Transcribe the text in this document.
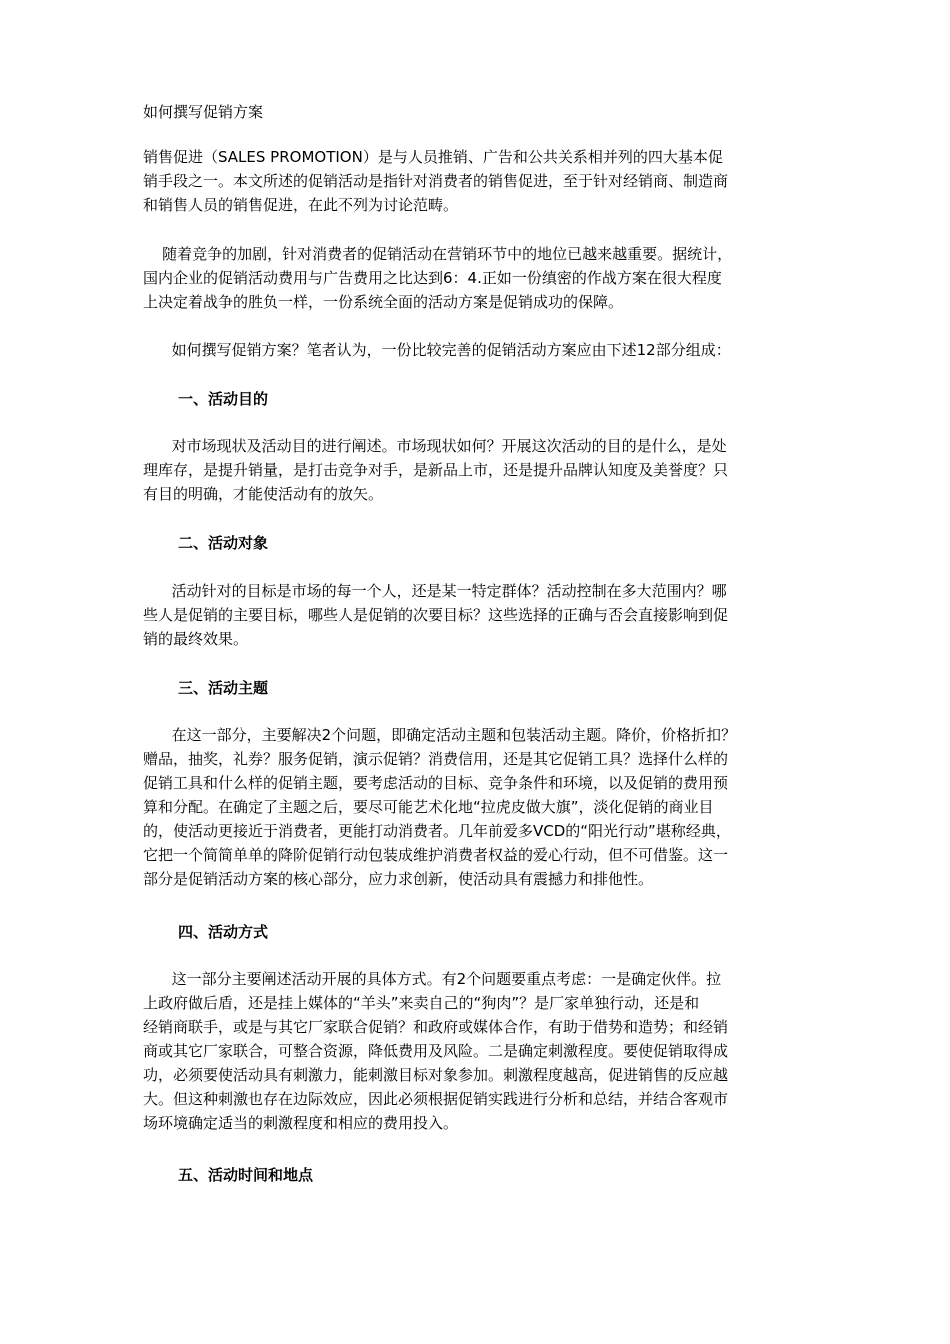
如何撰写促销方案

销售促进（SALES PROMOTION）是与人员推销、广告和公共关系相并列的四大基本促
销手段之一。本文所述的促销活动是指针对消费者的销售促进，至于针对经销商、制造商
和销售人员的销售促进，在此不列为讨论范畴。

随着竞争的加剧，针对消费者的促销活动在营销环节中的地位已越来越重要。据统计，
国内企业的促销活动费用与广告费用之比达到6：4.正如一份缜密的作战方案在很大程度
上决定着战争的胜负一样，一份系统全面的活动方案是促销成功的保障。

如何撰写促销方案？笔者认为，一份比较完善的促销活动方案应由下述12部分组成：

一、活动目的

对市场现状及活动目的进行阐述。市场现状如何？开展这次活动的目的是什么，是处
理库存，是提升销量，是打击竞争对手，是新品上市，还是提升品牌认知度及美誉度？只
有目的明确，才能使活动有的放矢。

二、活动对象

活动针对的目标是市场的每一个人，还是某一特定群体？活动控制在多大范围内？哪
些人是促销的主要目标，哪些人是促销的次要目标？这些选择的正确与否会直接影响到促
销的最终效果。

三、活动主题

在这一部分，主要解决2个问题，即确定活动主题和包装活动主题。降价，价格折扣？
赠品，抽奖，礼券？服务促销，演示促销？消费信用，还是其它促销工具？选择什么样的
促销工具和什么样的促销主题，要考虑活动的目标、竞争条件和环境，以及促销的费用预
算和分配。在确定了主题之后，要尽可能艺术化地“拉虎皮做大旗”，淡化促销的商业目
的，使活动更接近于消费者，更能打动消费者。几年前爱多VCD的“阳光行动”堪称经典，
它把一个简简单单的降阶促销行动包装成维护消费者权益的爱心行动，但不可借鉴。这一
部分是促销活动方案的核心部分，应力求创新，使活动具有震撼力和排他性。

四、活动方式

这一部分主要阐述活动开展的具体方式。有2个问题要重点考虑：一是确定伙伴。拉
上政府做后盾，还是挂上媒体的“羊头”来卖自己的“狗肉”？是厂家单独行动，还是和
经销商联手，或是与其它厂家联合促销？和政府或媒体合作，有助于借势和造势；和经销
商或其它厂家联合，可整合资源，降低费用及风险。二是确定刺激程度。要使促销取得成
功，必须要使活动具有刺激力，能刺激目标对象参加。刺激程度越高，促进销售的反应越
大。但这种刺激也存在边际效应，因此必须根据促销实践进行分析和总结，并结合客观市
场环境确定适当的刺激程度和相应的费用投入。

五、活动时间和地点
